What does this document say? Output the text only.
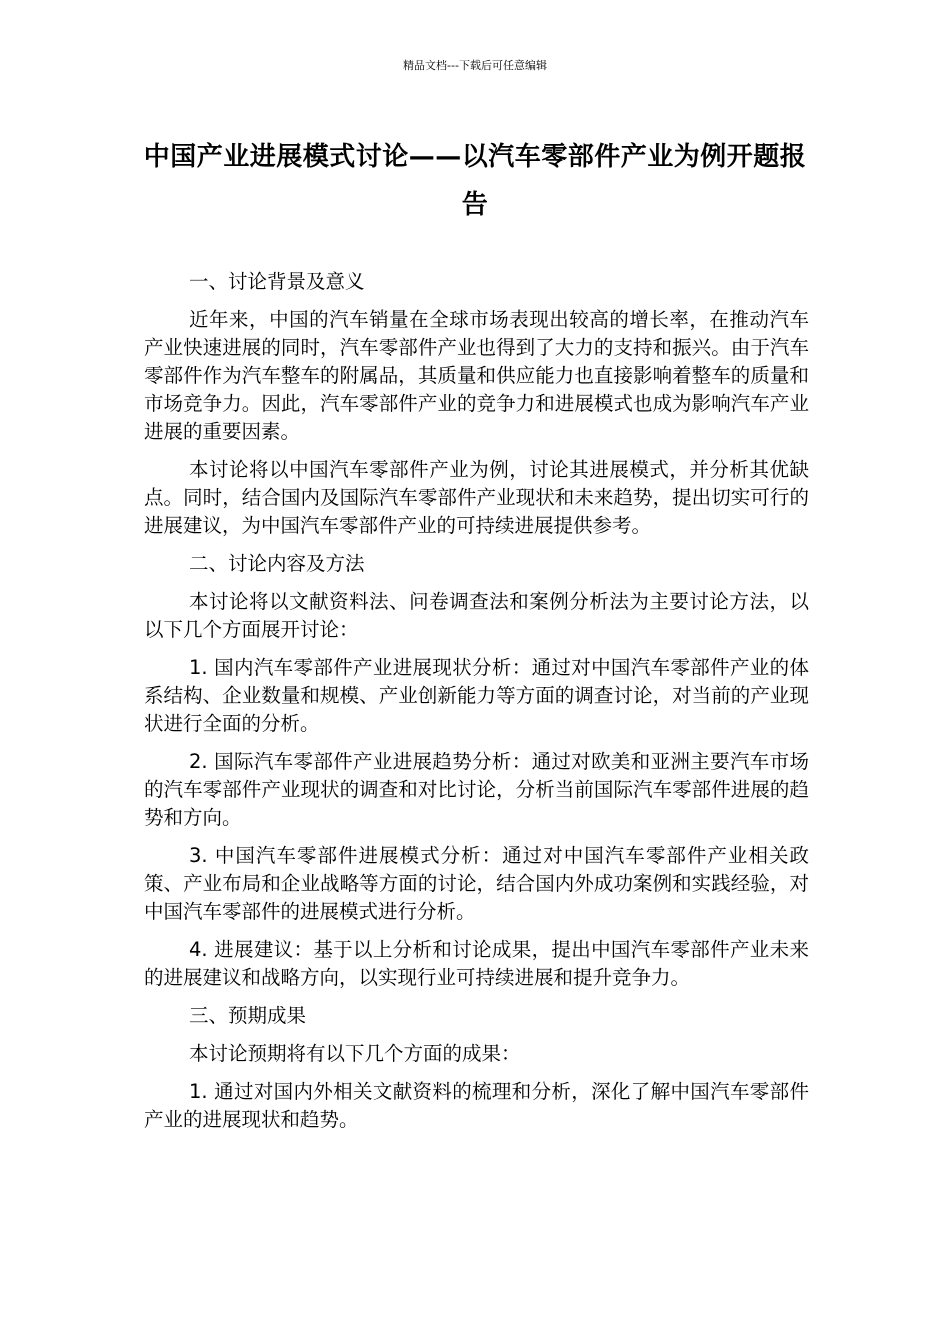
精品文档---下载后可任意编辑
中国产业进展模式讨论——以汽车零部件产业为例开题报告
一、讨论背景及意义

近年来，中国的汽车销量在全球市场表现出较高的增长率，在推动汽车产业快速进展的同时，汽车零部件产业也得到了大力的支持和振兴。由于汽车零部件作为汽车整车的附属品，其质量和供应能力也直接影响着整车的质量和市场竞争力。因此，汽车零部件产业的竞争力和进展模式也成为影响汽车产业进展的重要因素。

本讨论将以中国汽车零部件产业为例，讨论其进展模式，并分析其优缺点。同时，结合国内及国际汽车零部件产业现状和未来趋势，提出切实可行的进展建议，为中国汽车零部件产业的可持续进展提供参考。

二、讨论内容及方法

本讨论将以文献资料法、问卷调查法和案例分析法为主要讨论方法，以以下几个方面展开讨论：

1. 国内汽车零部件产业进展现状分析：通过对中国汽车零部件产业的体系结构、企业数量和规模、产业创新能力等方面的调查讨论，对当前的产业现状进行全面的分析。

2. 国际汽车零部件产业进展趋势分析：通过对欧美和亚洲主要汽车市场的汽车零部件产业现状的调查和对比讨论，分析当前国际汽车零部件进展的趋势和方向。

3. 中国汽车零部件进展模式分析：通过对中国汽车零部件产业相关政策、产业布局和企业战略等方面的讨论，结合国内外成功案例和实践经验，对中国汽车零部件的进展模式进行分析。

4. 进展建议：基于以上分析和讨论成果，提出中国汽车零部件产业未来的进展建议和战略方向，以实现行业可持续进展和提升竞争力。

三、预期成果

本讨论预期将有以下几个方面的成果：

1. 通过对国内外相关文献资料的梳理和分析，深化了解中国汽车零部件产业的进展现状和趋势。
